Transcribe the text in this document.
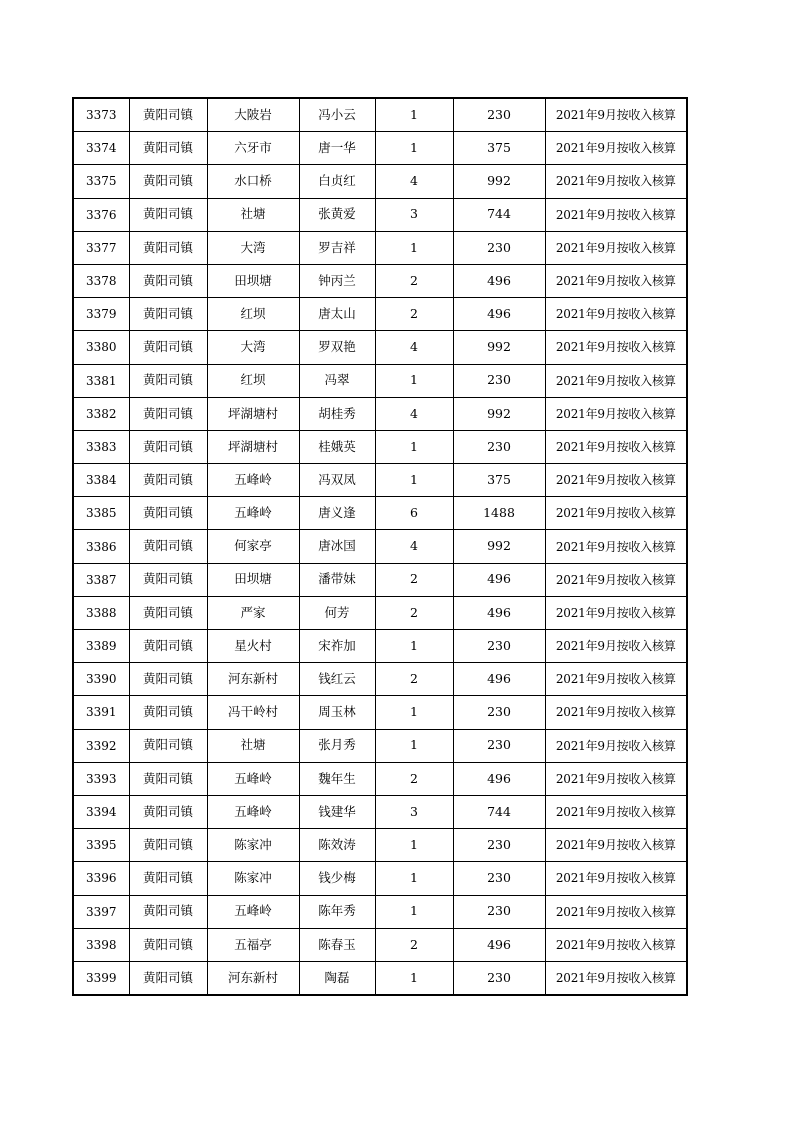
3373	黄阳司镇	大陂岩	冯小云	1	230	2021年9月按收入核算
3374	黄阳司镇	六牙市	唐一华	1	375	2021年9月按收入核算
3375	黄阳司镇	水口桥	白贞红	4	992	2021年9月按收入核算
3376	黄阳司镇	社塘	张黄爱	3	744	2021年9月按收入核算
3377	黄阳司镇	大湾	罗吉祥	1	230	2021年9月按收入核算
3378	黄阳司镇	田坝塘	钟丙兰	2	496	2021年9月按收入核算
3379	黄阳司镇	红坝	唐太山	2	496	2021年9月按收入核算
3380	黄阳司镇	大湾	罗双艳	4	992	2021年9月按收入核算
3381	黄阳司镇	红坝	冯翠	1	230	2021年9月按收入核算
3382	黄阳司镇	坪湖塘村	胡桂秀	4	992	2021年9月按收入核算
3383	黄阳司镇	坪湖塘村	桂娥英	1	230	2021年9月按收入核算
3384	黄阳司镇	五峰岭	冯双凤	1	375	2021年9月按收入核算
3385	黄阳司镇	五峰岭	唐义逢	6	1488	2021年9月按收入核算
3386	黄阳司镇	何家亭	唐冰国	4	992	2021年9月按收入核算
3387	黄阳司镇	田坝塘	潘带妹	2	496	2021年9月按收入核算
3388	黄阳司镇	严家	何芳	2	496	2021年9月按收入核算
3389	黄阳司镇	星火村	宋祚加	1	230	2021年9月按收入核算
3390	黄阳司镇	河东新村	钱红云	2	496	2021年9月按收入核算
3391	黄阳司镇	冯干岭村	周玉林	1	230	2021年9月按收入核算
3392	黄阳司镇	社塘	张月秀	1	230	2021年9月按收入核算
3393	黄阳司镇	五峰岭	魏年生	2	496	2021年9月按收入核算
3394	黄阳司镇	五峰岭	钱建华	3	744	2021年9月按收入核算
3395	黄阳司镇	陈家冲	陈效涛	1	230	2021年9月按收入核算
3396	黄阳司镇	陈家冲	钱少梅	1	230	2021年9月按收入核算
3397	黄阳司镇	五峰岭	陈年秀	1	230	2021年9月按收入核算
3398	黄阳司镇	五福亭	陈春玉	2	496	2021年9月按收入核算
3399	黄阳司镇	河东新村	陶磊	1	230	2021年9月按收入核算
